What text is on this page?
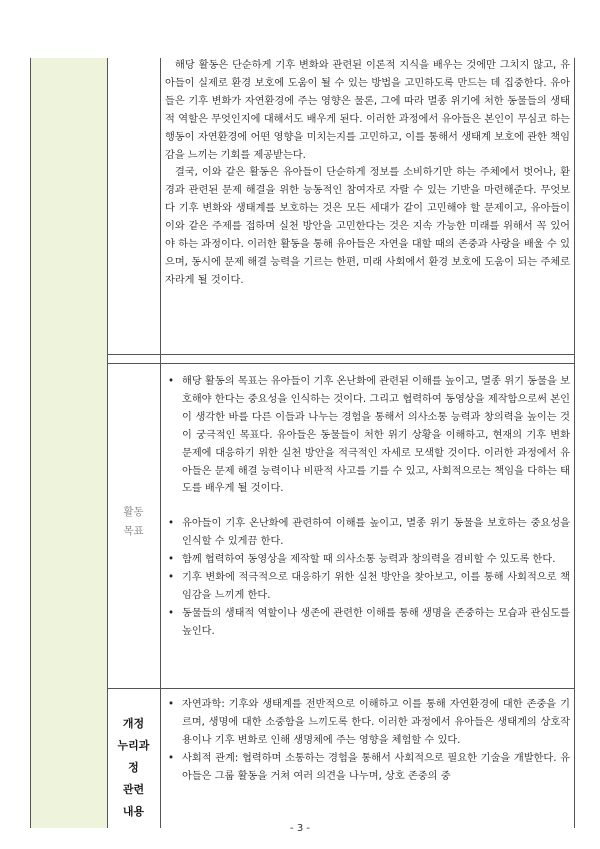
활동
목표
개정
누리과
정
관련
내용

해당 활동은 단순하게 기후 변화와 관련된 이론적 지식을 배우는 것에만 그치지 않고, 유아들이 실제로 환경 보호에 도움이 될 수 있는 방법을 고민하도록 만드는 데 집중한다. 유아들은 기후 변화가 자연환경에 주는 영향은 물론, 그에 따라 멸종 위기에 처한 동물들의 생태적 역할은 무엇인지에 대해서도 배우게 된다. 이러한 과정에서 유아들은 본인이 무심코 하는 행동이 자연환경에 어떤 영향을 미치는지를 고민하고, 이를 통해서 생태계 보호에 관한 책임감을 느끼는 기회를 제공받는다.

결국, 이와 같은 활동은 유아들이 단순하게 정보를 소비하기만 하는 주체에서 벗어나, 환경과 관련된 문제 해결을 위한 능동적인 참여자로 자랄 수 있는 기반을 마련해준다. 무엇보다 기후 변화와 생태계를 보호하는 것은 모든 세대가 같이 고민해야 할 문제이고, 유아들이 이와 같은 주제를 접하며 실천 방안을 고민한다는 것은 지속 가능한 미래를 위해서 꼭 있어야 하는 과정이다. 이러한 활동을 통해 유아들은 자연을 대할 때의 존중과 사랑을 배울 수 있으며, 동시에 문제 해결 능력을 기르는 한편, 미래 사회에서 환경 보호에 도움이 되는 주체로 자라게 될 것이다.

• 해당 활동의 목표는 유아들이 기후 온난화에 관련된 이해를 높이고, 멸종 위기 동물을 보호해야 한다는 중요성을 인식하는 것이다. 그리고 협력하여 동영상을 제작함으로써 본인이 생각한 바를 다른 이들과 나누는 경험을 통해서 의사소통 능력과 창의력을 높이는 것이 궁극적인 목표다. 유아들은 동물들이 처한 위기 상황을 이해하고, 현재의 기후 변화 문제에 대응하기 위한 실천 방안을 적극적인 자세로 모색할 것이다. 이러한 과정에서 유아들은 문제 해결 능력이나 비판적 사고를 기를 수 있고, 사회적으로는 책임을 다하는 태도를 배우게 될 것이다.
• 유아들이 기후 온난화에 관련하여 이해를 높이고, 멸종 위기 동물을 보호하는 중요성을 인식할 수 있게끔 한다.
• 함께 협력하여 동영상을 제작할 때 의사소통 능력과 창의력을 겸비할 수 있도록 한다.
• 기후 변화에 적극적으로 대응하기 위한 실천 방안을 찾아보고, 이를 통해 사회적으로 책임감을 느끼게 한다.
• 동물들의 생태적 역할이나 생존에 관련한 이해를 통해 생명을 존중하는 모습과 관심도를 높인다.
• 자연과학: 기후와 생태계를 전반적으로 이해하고 이를 통해 자연환경에 대한 존중을 기르며, 생명에 대한 소중함을 느끼도록 한다. 이러한 과정에서 유아들은 생태계의 상호작용이나 기후 변화로 인해 생명체에 주는 영향을 체험할 수 있다.
• 사회적 관계: 협력하며 소통하는 경험을 통해서 사회적으로 필요한 기술을 개발한다. 유아들은 그룹 활동을 거쳐 여러 의견을 나누며, 상호 존중의 중
- 3 -
